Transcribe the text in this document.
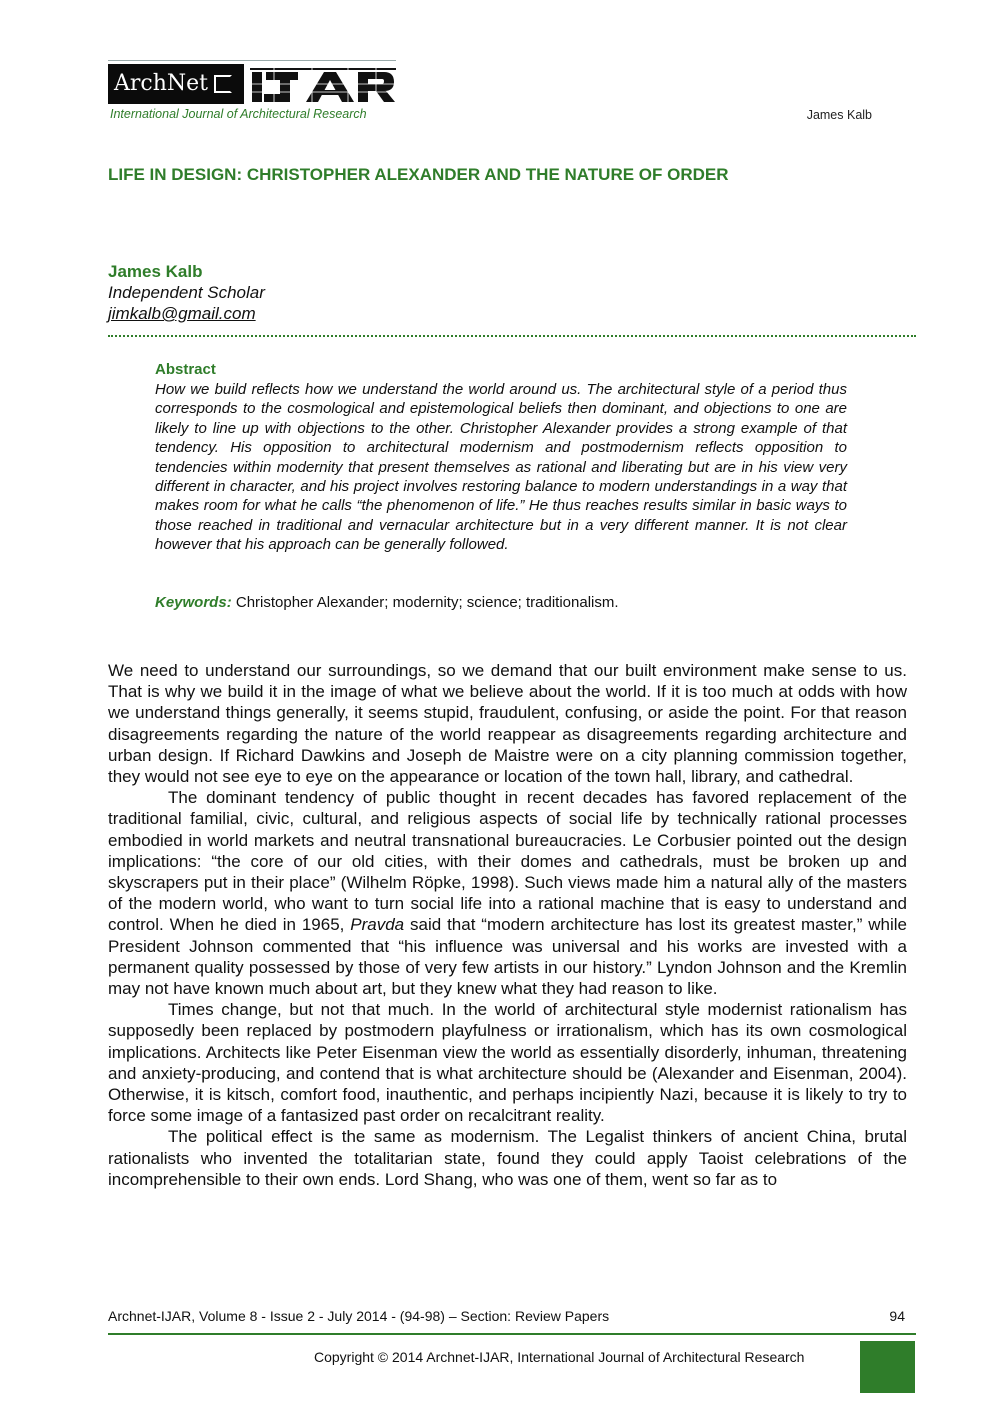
ArchNet
International Journal of Architectural Research	James Kalb
LIFE IN DESIGN: CHRISTOPHER ALEXANDER AND THE NATURE OF ORDER
James Kalb
Independent Scholar
jimkalb@gmail.com
Abstract
How we build reflects how we understand the world around us. The architectural style of a period thus corresponds to the cosmological and epistemological beliefs then dominant, and objections to one are likely to line up with objections to the other. Christopher Alexander provides a strong example of that tendency. His opposition to architectural modernism and postmodernism reflects opposition to tendencies within modernity that present themselves as rational and liberating but are in his view very different in character, and his project involves restoring balance to modern understandings in a way that makes room for what he calls “the phenomenon of life.” He thus reaches results similar in basic ways to those reached in traditional and vernacular architecture but in a very different manner. It is not clear however that his approach can be generally followed.
Keywords: Christopher Alexander; modernity; science; traditionalism.

We need to understand our surroundings, so we demand that our built environment make sense to us. That is why we build it in the image of what we believe about the world. If it is too much at odds with how we understand things generally, it seems stupid, fraudulent, confusing, or aside the point. For that reason disagreements regarding the nature of the world reappear as disagreements regarding architecture and urban design. If Richard Dawkins and Joseph de Maistre were on a city planning commission together, they would not see eye to eye on the appearance or location of the town hall, library, and cathedral.

The dominant tendency of public thought in recent decades has favored replacement of the traditional familial, civic, cultural, and religious aspects of social life by technically rational processes embodied in world markets and neutral transnational bureaucracies. Le Corbusier pointed out the design implications: “the core of our old cities, with their domes and cathedrals, must be broken up and skyscrapers put in their place” (Wilhelm Röpke, 1998). Such views made him a natural ally of the masters of the modern world, who want to turn social life into a rational machine that is easy to understand and control. When he died in 1965, Pravda said that “modern architecture has lost its greatest master,” while President Johnson commented that “his influence was universal and his works are invested with a permanent quality possessed by those of very few artists in our history.” Lyndon Johnson and the Kremlin may not have known much about art, but they knew what they had reason to like.

Times change, but not that much. In the world of architectural style modernist rationalism has supposedly been replaced by postmodern playfulness or irrationalism, which has its own cosmological implications. Architects like Peter Eisenman view the world as essentially disorderly, inhuman, threatening and anxiety-producing, and contend that is what architecture should be (Alexander and Eisenman, 2004). Otherwise, it is kitsch, comfort food, inauthentic, and perhaps incipiently Nazi, because it is likely to try to force some image of a fantasized past order on recalcitrant reality.

The political effect is the same as modernism. The Legalist thinkers of ancient China, brutal rationalists who invented the totalitarian state, found they could apply Taoist celebrations of the incomprehensible to their own ends. Lord Shang, who was one of them, went so far as to

Archnet-IJAR, Volume 8 - Issue 2 - July 2014 - (94-98) – Section: Review Papers	94
Copyright © 2014 Archnet-IJAR, International Journal of Architectural Research
